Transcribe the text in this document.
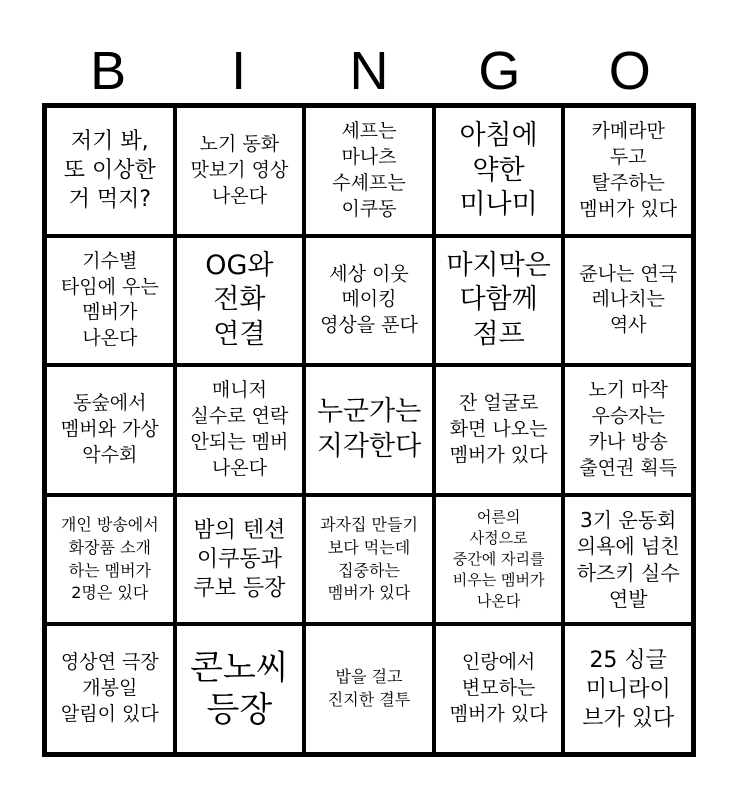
B	I	N	G	O
저기 봐, 또 이상한 거 먹지?
노기 동화 맛보기 영상 나온다
셰프는 마나츠 수셰프는 이쿠동
아침에 약한 미나미
카메라만 두고 탈주하는 멤버가 있다
기수별 타임에 우는 멤버가 나온다
OG와 전화 연결
세상 이웃 메이킹 영상을 푼다
마지막은 다함께 점프
쥰나는 연극 레나치는 역사
동숲에서 멤버와 가상 악수회
매니저 실수로 연락 안되는 멤버 나온다
누군가는 지각한다
잔 얼굴로 화면 나오는 멤버가 있다
노기 마작 우승자는 카나 방송 출연권 획득
개인 방송에서 화장품 소개 하는 멤버가 2명은 있다
밤의 텐션 이쿠동과 쿠보 등장
과자집 만들기 보다 먹는데 집중하는 멤버가 있다
어른의 사정으로 중간에 자리를 비우는 멤버가 나온다
3기 운동회 의욕에 넘친 하즈키 실수 연발
영상연 극장 개봉일 알림이 있다
콘노씨 등장
밥을 걸고 진지한 결투
인랑에서 변모하는 멤버가 있다
25 싱글 미니라이브가 있다
